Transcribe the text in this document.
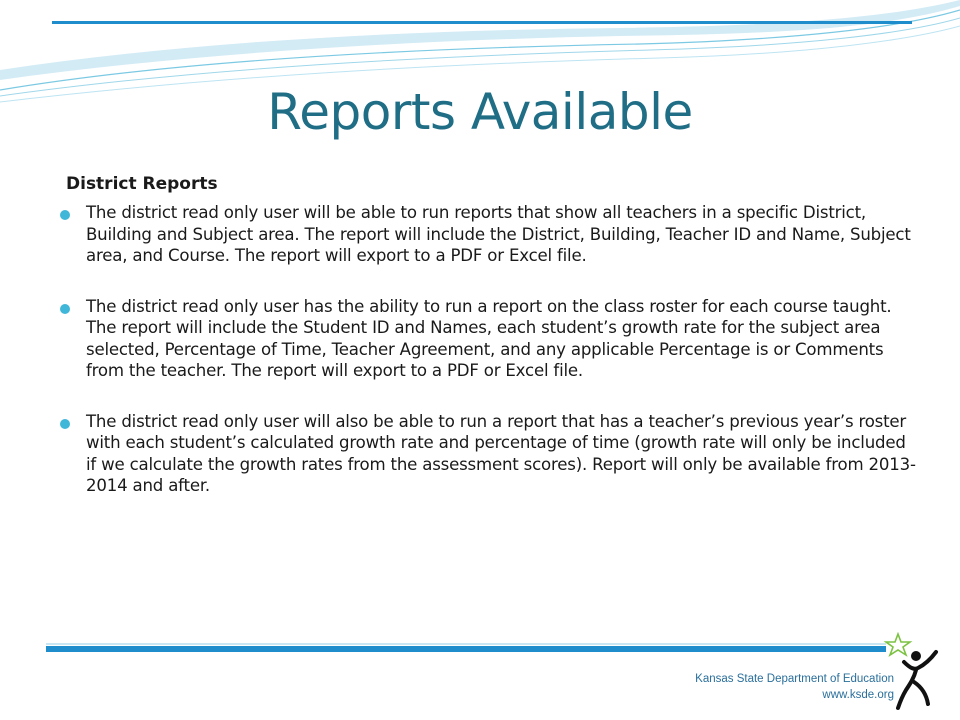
Reports Available
District Reports
The district read only user will be able to run reports that show all teachers in a specific District, Building and Subject area. The report will include the District, Building, Teacher ID and Name, Subject area, and Course. The report will export to a PDF or Excel file.
The district read only user has the ability to run a report on the class roster for each course taught. The report will include the Student ID and Names, each student’s growth rate for the subject area selected, Percentage of Time, Teacher Agreement, and any applicable Percentage is or Comments from the teacher. The report will export to a PDF or Excel file.
The district read only user will also be able to run a report that has a teacher’s previous year’s roster with each student’s calculated growth rate and percentage of time (growth rate will only be included if we calculate the growth rates from the assessment scores). Report will only be available from 2013-2014 and after.
Kansas State Department of Education
www.ksde.org
